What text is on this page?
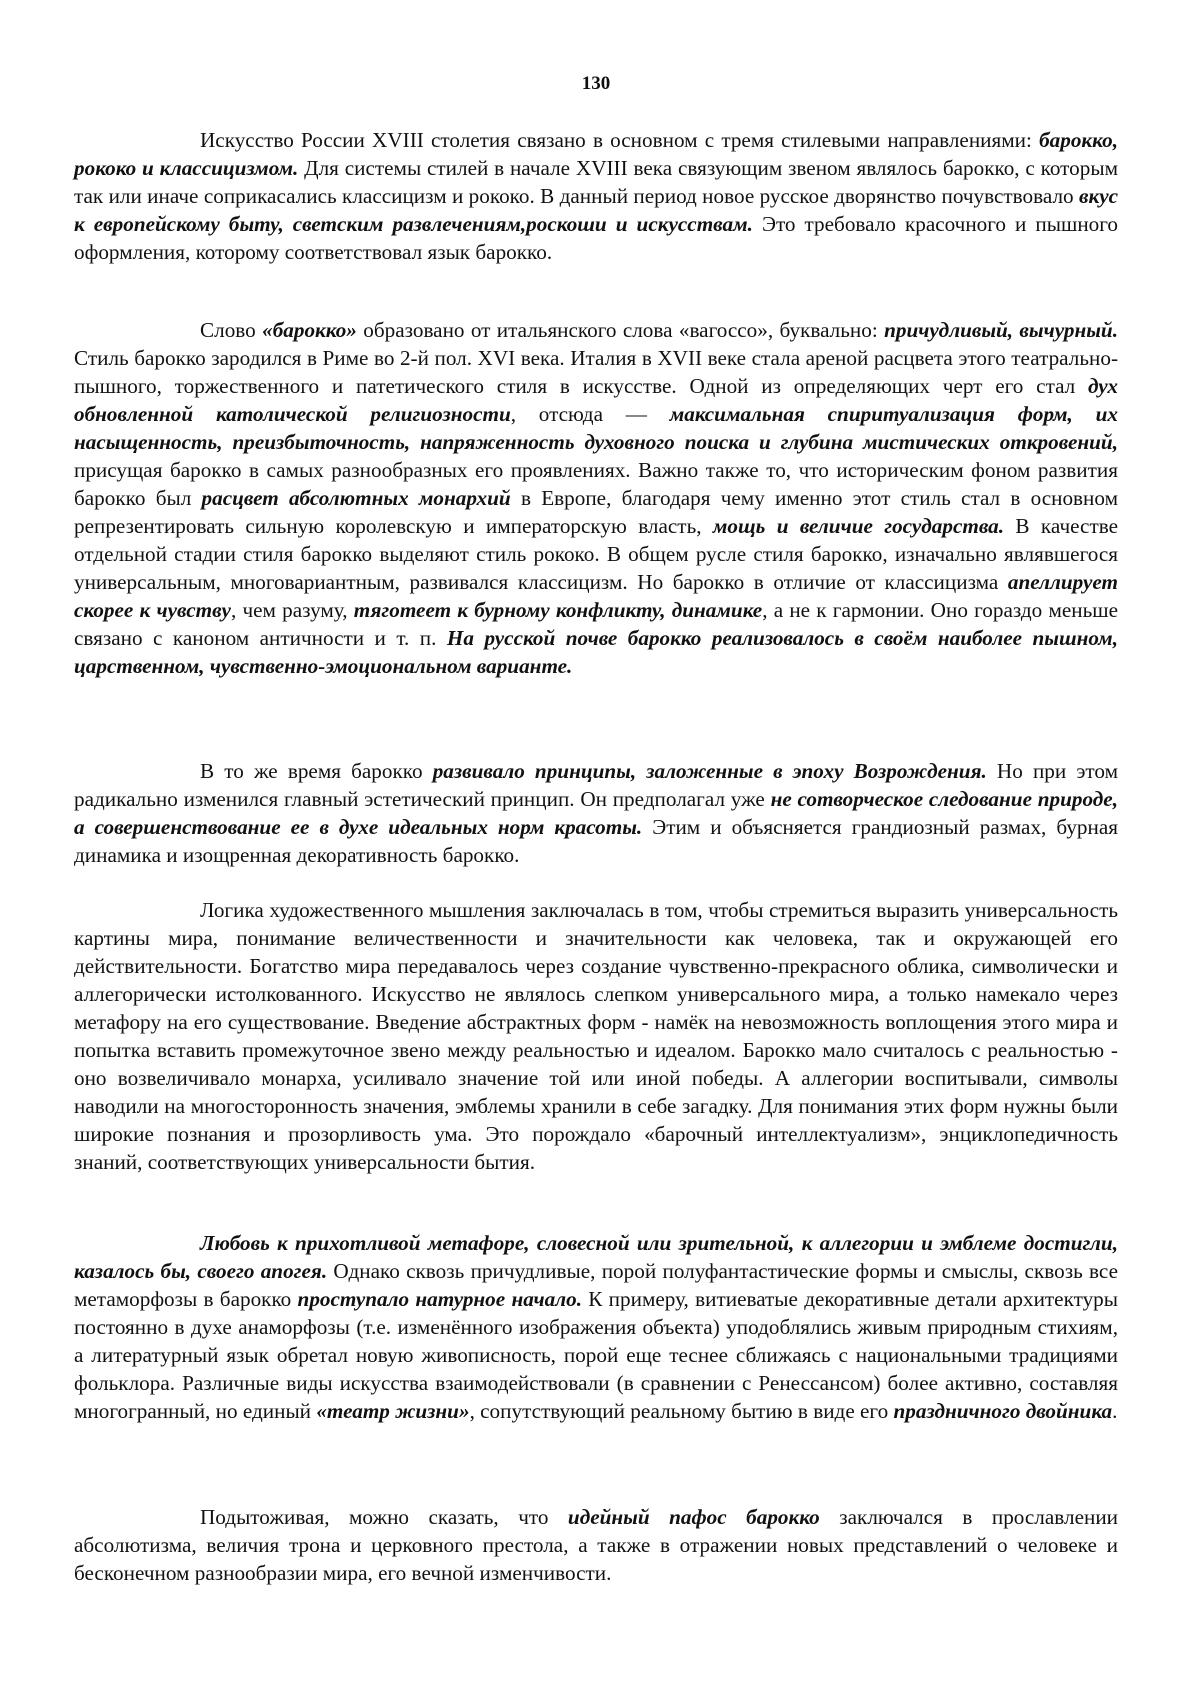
130

Искусство России XVIII столетия связано в основном с тремя стилевыми направлениями: барокко, рококо и классицизмом. Для системы стилей в начале XVIII века связующим звеном являлось барокко, с которым так или иначе соприкасались классицизм и рококо. В данный период новое русское дворянство почувствовало вкус к европейскому быту, светским развлечениям,роскоши и искусствам. Это требовало красочного и пышного оформления, которому соответствовал язык барокко.

Слово «барокко» образовано от итальянского слова «вагоссо», буквально: причудливый, вычурный. Стиль барокко зародился в Риме во 2-й пол. XVI века. Италия в XVII веке стала ареной расцвета этого театрально-пышного, торжественного и патетического стиля в искусстве. Одной из определяющих черт его стал дух обновленной католической религиозности, отсюда — максимальная спиритуализация форм, их насыщенность, преизбыточность, напряженность духовного поиска и глубина мистических откровений, присущая барокко в самых разнообразных его проявлениях. Важно также то, что историческим фоном развития барокко был расцвет абсолютных монархий в Европе, благодаря чему именно этот стиль стал в основном репрезентировать сильную королевскую и императорскую власть, мощь и величие государства. В качестве отдельной стадии стиля барокко выделяют стиль рококо. В общем русле стиля барокко, изначально являвшегося универсальным, многовариантным, развивался классицизм. Но барокко в отличие от классицизма апеллирует скорее к чувству, чем разуму, тяготеет к бурному конфликту, динамике, а не к гармонии. Оно гораздо меньше связано с каноном античности и т. п. На русской почве барокко реализовалось в своём наиболее пышном, царственном, чувственно-эмоциональном варианте.

В то же время барокко развивало принципы, заложенные в эпоху Возрождения. Но при этом радикально изменился главный эстетический принцип. Он предполагал уже не сотворческое следование природе, а совершенствование ее в духе идеальных норм красоты. Этим и объясняется грандиозный размах, бурная динамика и изощренная декоративность барокко.

Логика художественного мышления заключалась в том, чтобы стремиться выразить универсальность картины мира, понимание величественности и значительности как человека, так и окружающей его действительности. Богатство мира передавалось через создание чувственно-прекрасного облика, символически и аллегорически истолкованного. Искусство не являлось слепком универсального мира, а только намекало через метафору на его существование. Введение абстрактных форм - намёк на невозможность воплощения этого мира и попытка вставить промежуточное звено между реальностью и идеалом. Барокко мало считалось с реальностью - оно возвеличивало монарха, усиливало значение той или иной победы. А аллегории воспитывали, символы наводили на многосторонность значения, эмблемы хранили в себе загадку. Для понимания этих форм нужны были широкие познания и прозорливость ума. Это порождало «барочный интеллектуализм», энциклопедичность знаний, соответствующих универсальности бытия.

Любовь к прихотливой метафоре, словесной или зрительной, к аллегории и эмблеме достигли, казалось бы, своего апогея. Однако сквозь причудливые, порой полуфантастические формы и смыслы, сквозь все метаморфозы в барокко проступало натурное начало. К примеру, витиеватые декоративные детали архитектуры постоянно в духе анаморфозы (т.е. изменённого изображения объекта) уподоблялись живым природным стихиям, а литературный язык обретал новую живописность, порой еще теснее сближаясь с национальными традициями фольклора. Различные виды искусства взаимодействовали (в сравнении с Ренессансом) более активно, составляя многогранный, но единый «театр жизни», сопутствующий реальному бытию в виде его праздничного двойника.

Подытоживая, можно сказать, что идейный пафос барокко заключался в прославлении абсолютизма, величия трона и церковного престола, а также в отражении новых представлений о человеке и бесконечном разнообразии мира, его вечной изменчивости.
